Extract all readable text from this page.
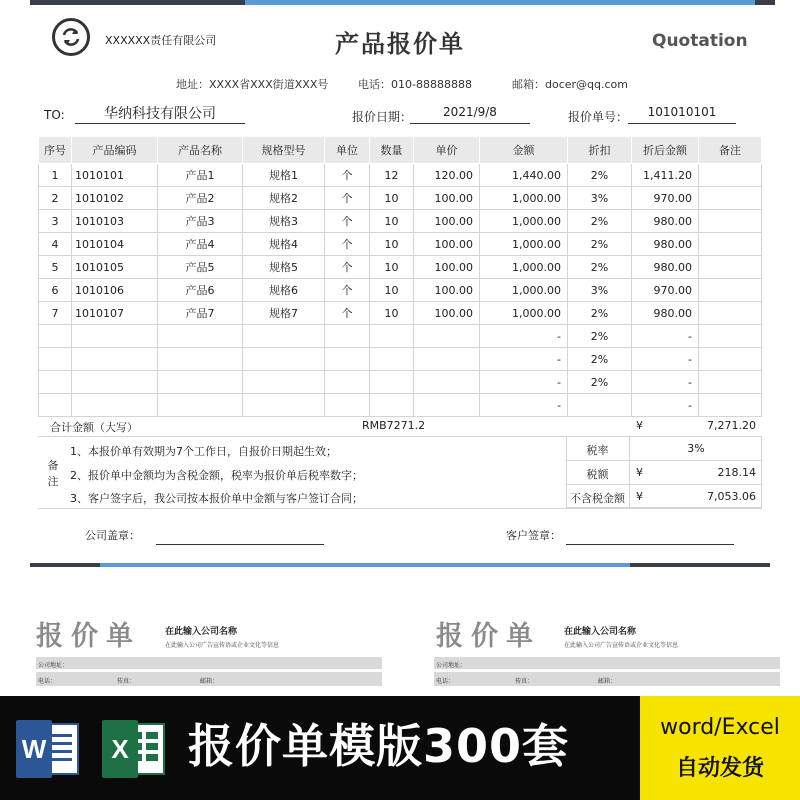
XXXXXX责任有限公司	产品报价单	Quotation
地址：XXXX省XXX街道XXX号	电话：010-88888888	邮箱：docer@qq.com
TO:	华纳科技有限公司	报价日期：	2021/9/8	报价单号：	101010101
序号	产品编码	产品名称	规格型号	单位	数量	单价	金额	折扣	折后金额	备注
1	1010101	产品1	规格1	个	12	120.00	1,440.00	2%	1,411.20	
2	1010102	产品2	规格2	个	10	100.00	1,000.00	3%	970.00	
3	1010103	产品3	规格3	个	10	100.00	1,000.00	2%	980.00	
4	1010104	产品4	规格4	个	10	100.00	1,000.00	2%	980.00	
5	1010105	产品5	规格5	个	10	100.00	1,000.00	2%	980.00	
6	1010106	产品6	规格6	个	10	100.00	1,000.00	3%	970.00	
7	1010107	产品7	规格7	个	10	100.00	1,000.00	2%	980.00	
							-	2%	-	
							-	2%	-	
							-	2%	-	
							-		-	
合计金额（大写）	RMB7271.2	¥	7,271.20
备
注
1、本报价单有效期为7个工作日，自报价日期起生效；
2、报价单中金额均为含税金额，税率为报价单后税率数字；
3、客户签字后，我公司按本报价单中金额与客户签订合同；
税率	3%
税额	¥	218.14
不含税金额	¥	7,053.06
公司盖章：	客户签章：
报价单	在此输入公司名称
在此输入公司广告宣传语或企业文化等信息
公司地址：
电话：	传真：	邮箱：
报价单	在此输入公司名称
在此输入公司广告宣传语或企业文化等信息
公司地址：
电话：	传真：	邮箱：
W	X 报价单模版300套	word/Excel
自动发货
